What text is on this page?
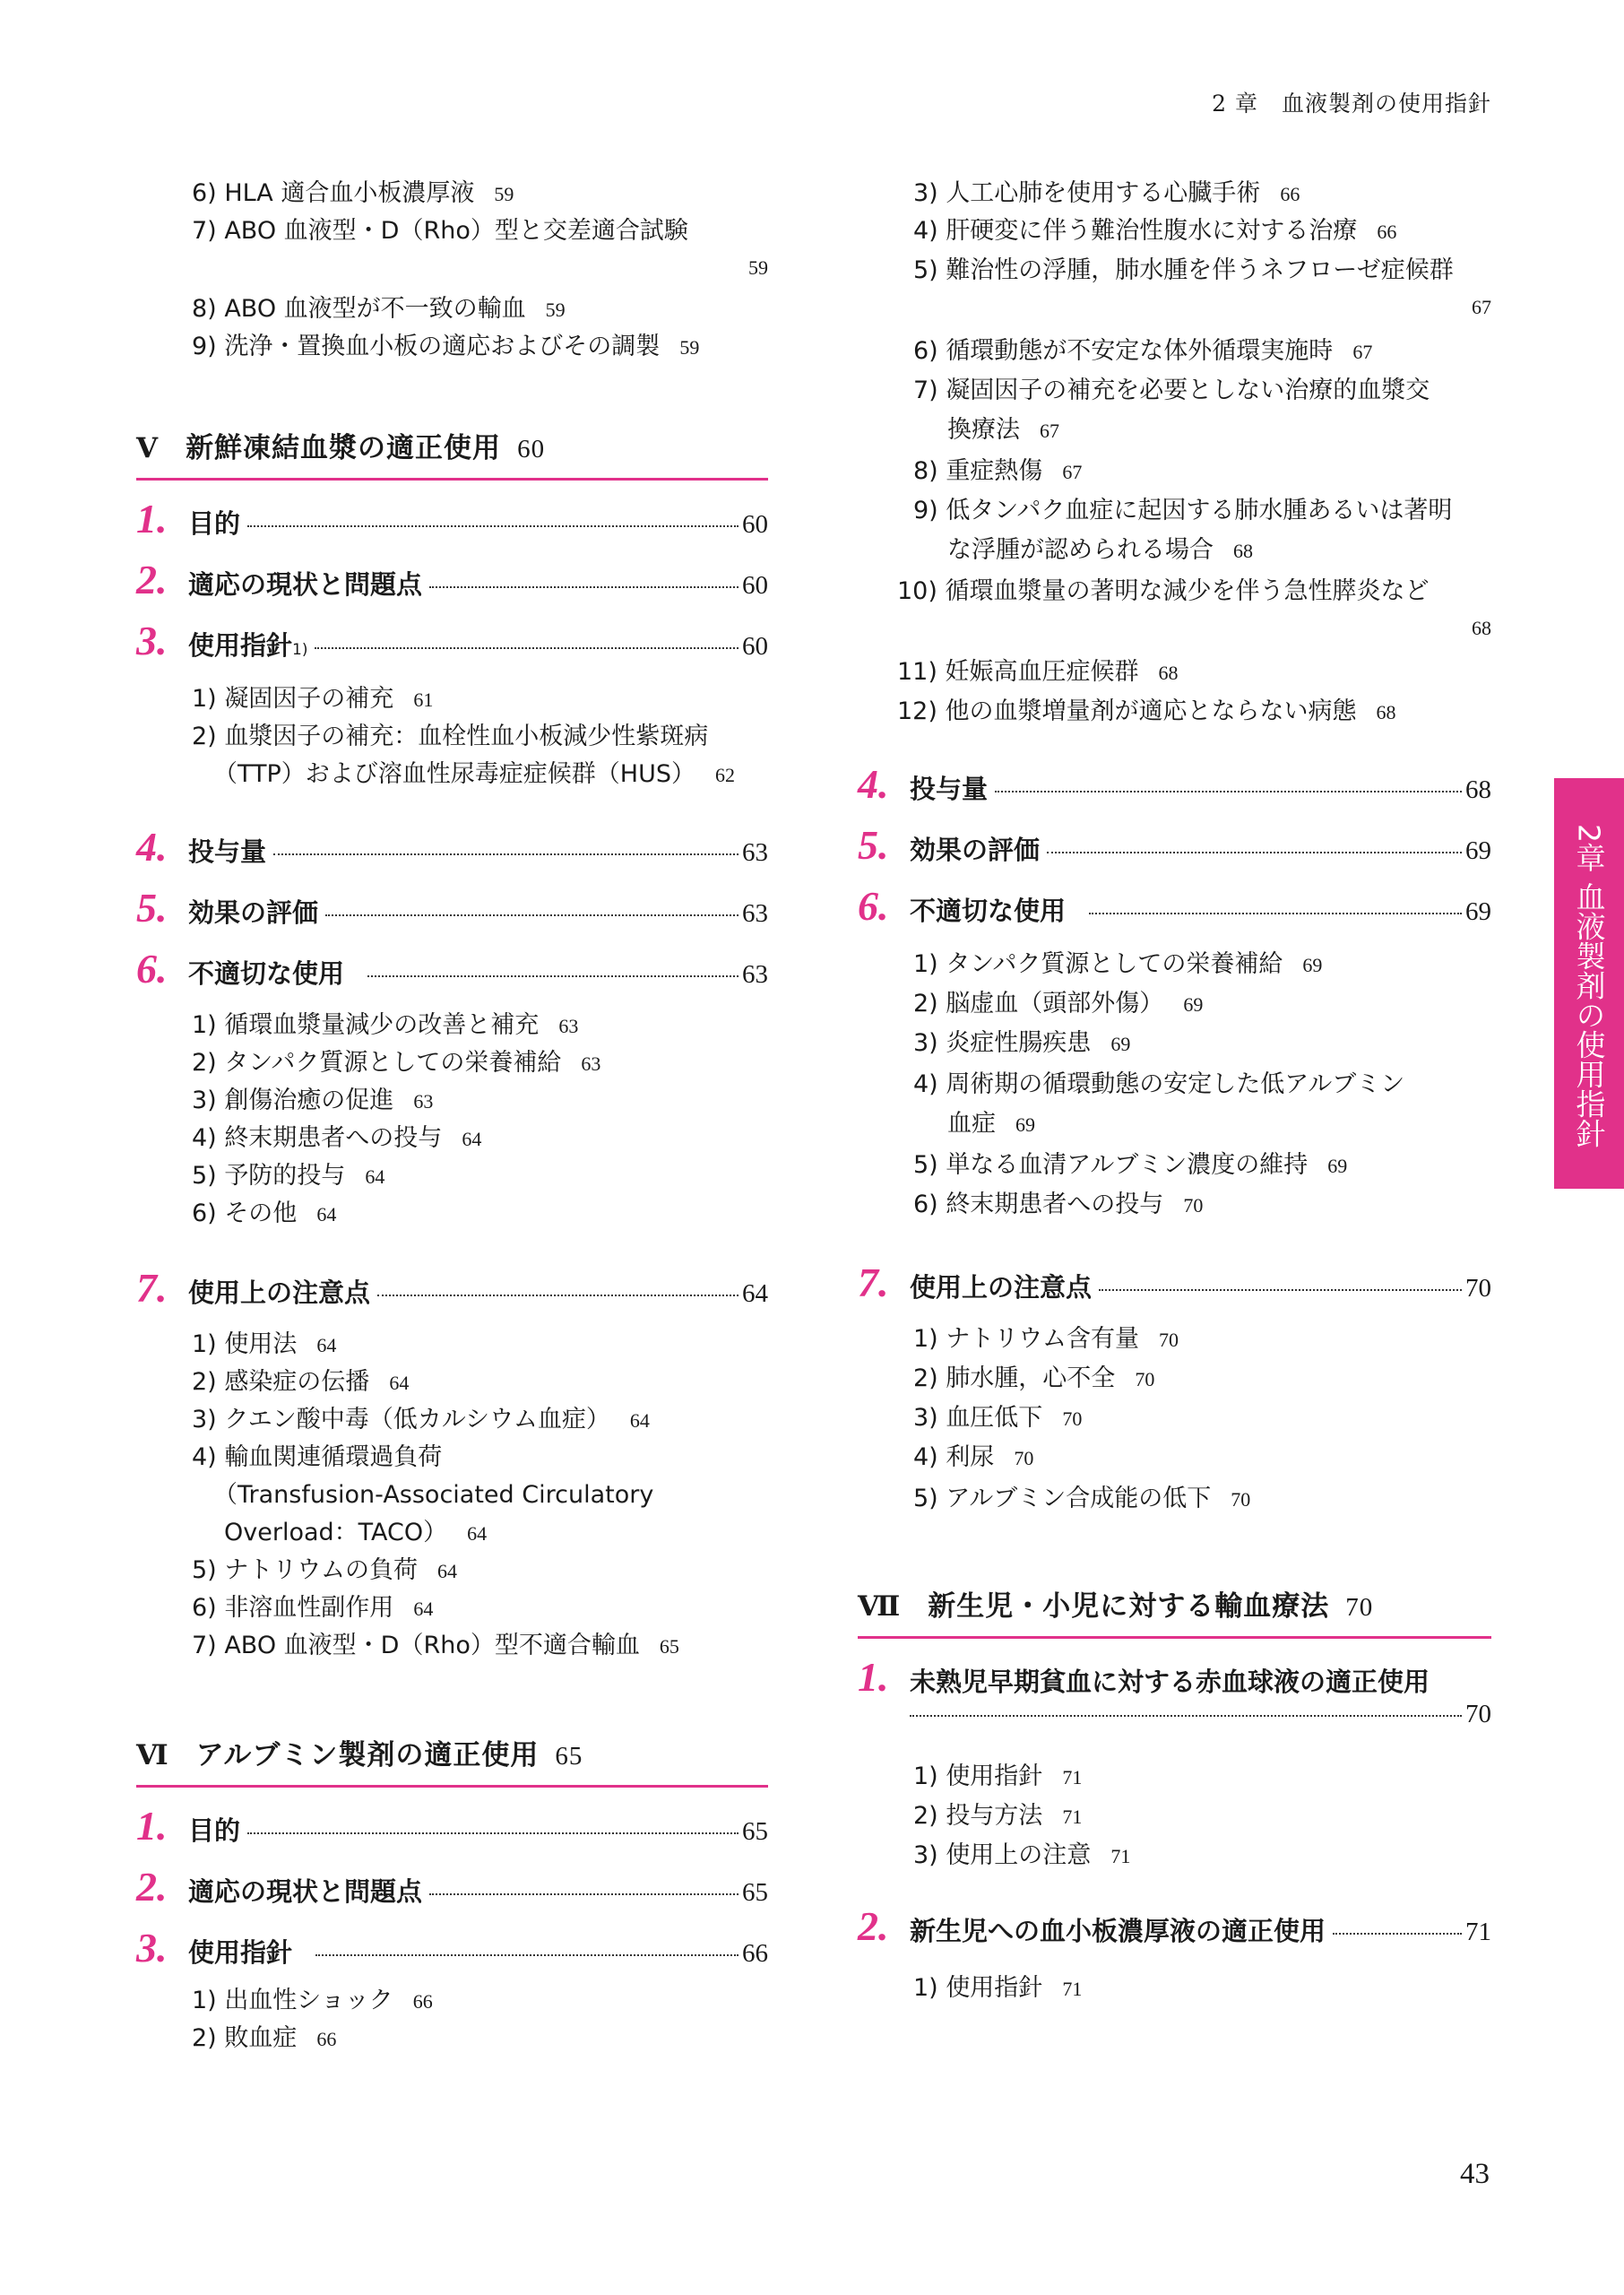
2 章　血液製剤の使用指針
2章 血液製剤の使用指針
43
6) HLA 適合血小板濃厚液 59
7) ABO 血液型・D（Rho）型と交差適合試験
59
8) ABO 血液型が不一致の輸血 59
9) 洗浄・置換血小板の適応およびその調製 59
Ⅴ 新鮮凍結血漿の適正使用 60
1. 目的	60
2. 適応の現状と問題点	60
3. 使用指針$_{1)}$	60
1) 凝固因子の補充 61
2) 血漿因子の補充：血栓性血小板減少性紫斑病
（TTP）および溶血性尿毒症症候群（HUS） 62
4. 投与量	63
5. 効果の評価	63
6. 不適切な使用	63
1) 循環血漿量減少の改善と補充 63
2) タンパク質源としての栄養補給 63
3) 創傷治癒の促進 63
4) 終末期患者への投与 64
5) 予防的投与 64
6) その他 64
7. 使用上の注意点	64
1) 使用法 64
2) 感染症の伝播 64
3) クエン酸中毒（低カルシウム血症） 64
4) 輸血関連循環過負荷
（Transfusion-Associated Circulatory
Overload：TACO） 64
5) ナトリウムの負荷 64
6) 非溶血性副作用 64
7) ABO 血液型・D（Rho）型不適合輸血 65
Ⅵ アルブミン製剤の適正使用 65
1. 目的	65
2. 適応の現状と問題点	65
3. 使用指針	66
1) 出血性ショック 66
2) 敗血症 66
3) 人工心肺を使用する心臓手術 66
4) 肝硬変に伴う難治性腹水に対する治療 66
5) 難治性の浮腫，肺水腫を伴うネフローゼ症候群
67
6) 循環動態が不安定な体外循環実施時 67
7) 凝固因子の補充を必要としない治療的血漿交
換療法 67
8) 重症熱傷 67
9) 低タンパク血症に起因する肺水腫あるいは著明
な浮腫が認められる場合 68
10) 循環血漿量の著明な減少を伴う急性膵炎など
68
11) 妊娠高血圧症候群 68
12) 他の血漿増量剤が適応とならない病態 68
4. 投与量	68
5. 効果の評価	69
6. 不適切な使用	69
1) タンパク質源としての栄養補給 69
2) 脳虚血（頭部外傷） 69
3) 炎症性腸疾患 69
4) 周術期の循環動態の安定した低アルブミン
血症 69
5) 単なる血清アルブミン濃度の維持 69
6) 終末期患者への投与 70
7. 使用上の注意点	70
1) ナトリウム含有量 70
2) 肺水腫，心不全 70
3) 血圧低下 70
4) 利尿 70
5) アルブミン合成能の低下 70
Ⅶ 新生児・小児に対する輸血療法 70
1. 未熟児早期貧血に対する赤血球液の適正使用
70
1) 使用指針 71
2) 投与方法 71
3) 使用上の注意 71
2. 新生児への血小板濃厚液の適正使用	71
1) 使用指針 71
